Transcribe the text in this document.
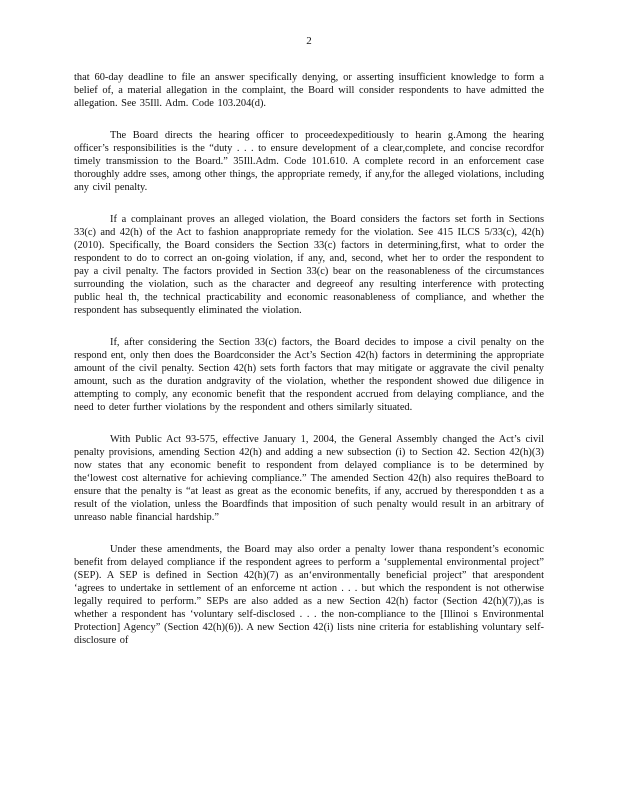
2

that 60-day deadline to file an answer specifically denying, or asserting insufficient knowledge to form a belief of, a material allegation in the complaint, the Board will consider respondents to have admitted the allegation. See 35Ill. Adm. Code 103.204(d).

The Board directs the hearing officer to proceedexpeditiously to hearin g.Among the hearing officer’s responsibilities is the “duty . . . to ensure development of a clear,complete, and concise recordfor timely transmission to the Board.” 35Ill.Adm. Code 101.610. A complete record in an enforcement case thoroughly addre sses, among other things, the appropriate remedy, if any,for the alleged violations, including any civil penalty.

If a complainant proves an alleged violation, the Board considers the factors set forth in Sections 33(c) and 42(h) of the Act to fashion anappropriate remedy for the violation. See 415 ILCS 5/33(c), 42(h) (2010). Specifically, the Board considers the Section 33(c) factors in determining,first, what to order the respondent to do to correct an on-going violation, if any, and, second, whet her to order the respondent to pay a civil penalty. The factors provided in Section 33(c) bear on the reasonableness of the circumstances surrounding the violation, such as the character and degreeof any resulting interference with protecting public heal th, the technical practicability and economic reasonableness of compliance, and whether the respondent has subsequently eliminated the violation.

If, after considering the Section 33(c) factors, the Board decides to impose a civil penalty on the respond ent, only then does the Boardconsider the Act’s Section 42(h) factors in determining the appropriate amount of the civil penalty. Section 42(h) sets forth factors that may mitigate or aggravate the civil penalty amount, such as the duration andgravity of the violation, whether the respondent showed due diligence in attempting to comply, any economic benefit that the respondent accrued from delaying compliance, and the need to deter further violations by the respondent and others similarly situated.

With Public Act 93-575, effective January 1, 2004, the General Assembly changed the Act’s civil penalty provisions, amending Section 42(h) and adding a new subsection (i) to Section 42. Section 42(h)(3) now states that any economic benefit to respondent from delayed compliance is to be determined by the‘lowest cost alternative for achieving compliance.” The amended Section 42(h) also requires theBoard to ensure that the penalty is “at least as great as the economic benefits, if any, accrued by therespondden t as a result of the violation, unless the Boardfinds that imposition of such penalty would result in an arbitrary of unreaso nable financial hardship.”

Under these amendments, the Board may also order a penalty lower thana respondent’s economic benefit from delayed compliance if the respondent agrees to perform a ‘supplemental environmental project” (SEP). A SEP is defined in Section 42(h)(7) as an‘environmentally beneficial project” that arespondent ‘agrees to undertake in settlement of an enforceme nt action . . . but which the respondent is not otherwise legally required to perform.” SEPs are also added as a new Section 42(h) factor (Section 42(h)(7)),as is whether a respondent has ‘voluntary self-disclosed . . . the non-compliance to the [Illinoi s Environmental Protection] Agency” (Section 42(h)(6)). A new Section 42(i) lists nine criteria for establishing voluntary self-disclosure of
